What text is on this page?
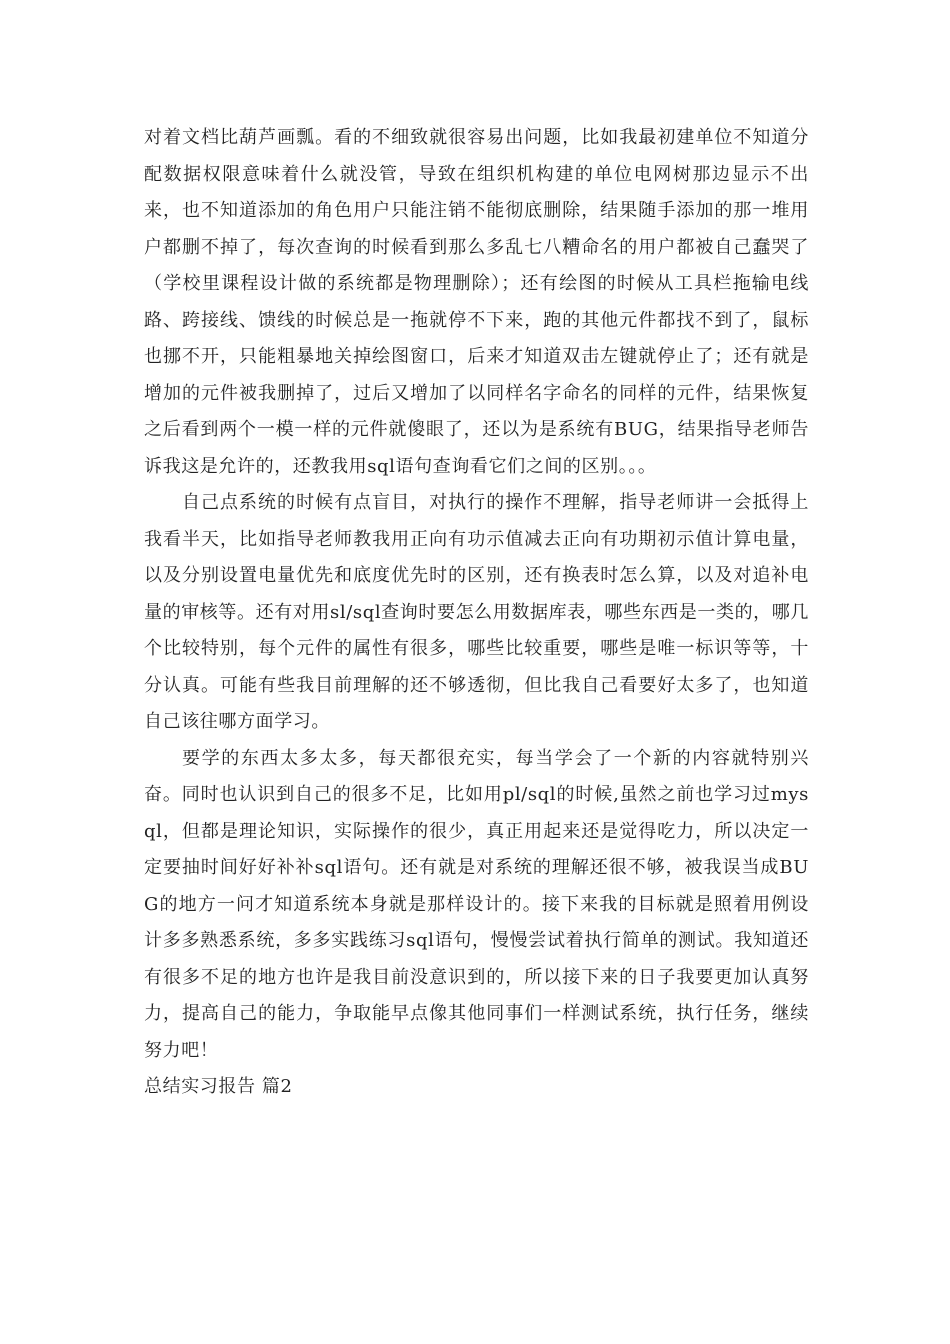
对着文档比葫芦画瓢。看的不细致就很容易出问题，比如我最初建单位不知道分配数据权限意味着什么就没管，导致在组织机构建的单位电网树那边显示不出来，也不知道添加的角色用户只能注销不能彻底删除，结果随手添加的那一堆用户都删不掉了，每次查询的时候看到那么多乱七八糟命名的用户都被自己蠢哭了（学校里课程设计做的系统都是物理删除）；还有绘图的时候从工具栏拖输电线路、跨接线、馈线的时候总是一拖就停不下来，跑的其他元件都找不到了，鼠标也挪不开，只能粗暴地关掉绘图窗口，后来才知道双击左键就停止了；还有就是增加的元件被我删掉了，过后又增加了以同样名字命名的同样的元件，结果恢复之后看到两个一模一样的元件就傻眼了，还以为是系统有BUG，结果指导老师告诉我这是允许的，还教我用sql语句查询看它们之间的区别。。。

自己点系统的时候有点盲目，对执行的操作不理解，指导老师讲一会抵得上我看半天，比如指导老师教我用正向有功示值减去正向有功期初示值计算电量，以及分别设置电量优先和底度优先时的区别，还有换表时怎么算，以及对追补电量的审核等。还有对用sl/sql查询时要怎么用数据库表，哪些东西是一类的，哪几个比较特别，每个元件的属性有很多，哪些比较重要，哪些是唯一标识等等，十分认真。可能有些我目前理解的还不够透彻，但比我自己看要好太多了，也知道自己该往哪方面学习。

要学的东西太多太多，每天都很充实，每当学会了一个新的内容就特别兴奋。同时也认识到自己的很多不足，比如用pl/sql的时候,虽然之前也学习过mysql，但都是理论知识，实际操作的很少，真正用起来还是觉得吃力，所以决定一定要抽时间好好补补sql语句。还有就是对系统的理解还很不够，被我误当成BUG的地方一问才知道系统本身就是那样设计的。接下来我的目标就是照着用例设计多多熟悉系统，多多实践练习sql语句，慢慢尝试着执行简单的测试。我知道还有很多不足的地方也许是我目前没意识到的，所以接下来的日子我要更加认真努力，提高自己的能力，争取能早点像其他同事们一样测试系统，执行任务，继续努力吧！

总结实习报告 篇2
